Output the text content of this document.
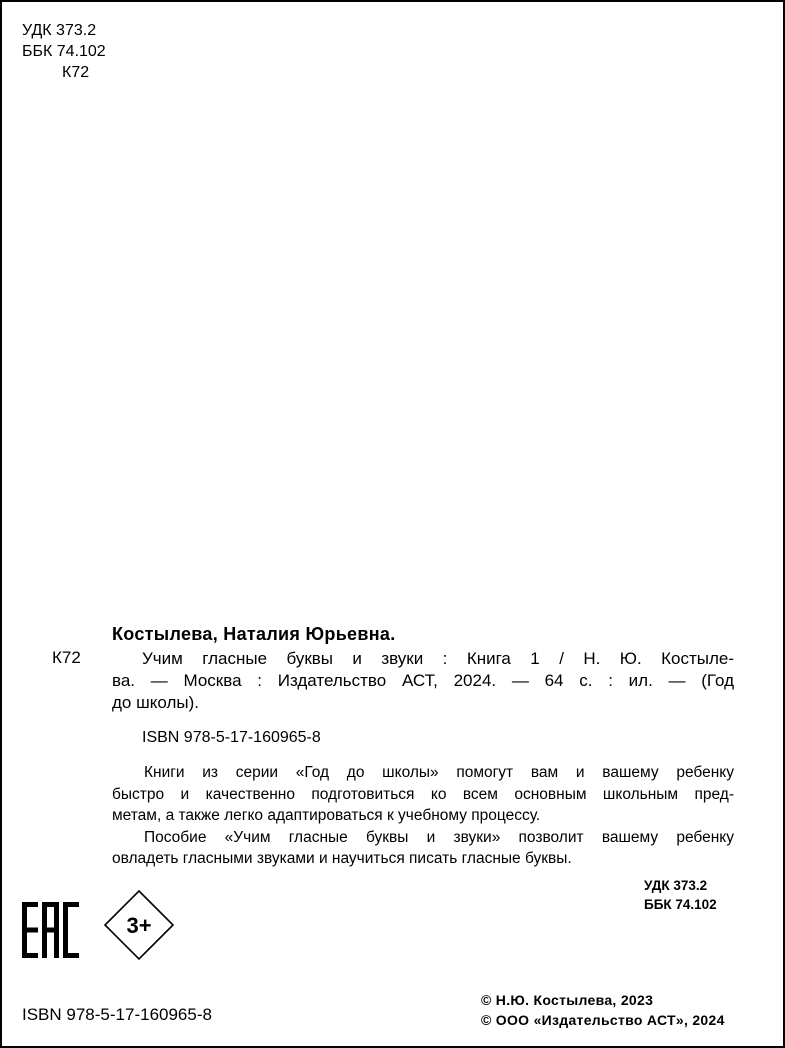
УДК 373.2
ББК 74.102
К72
Костылева, Наталия Юрьевна.
К72	Учим гласные буквы и звуки : Книга 1 / Н. Ю. Костыле-
ва. — Москва : Издательство АСТ, 2024. — 64 с. : ил. — (Год
до школы).
ISBN 978-5-17-160965-8
Книги из серии «Год до школы» помогут вам и вашему ребенку
быстро и качественно подготовиться ко всем основным школьным пред-
метам, а также легко адаптироваться к учебному процессу.
Пособие «Учим гласные буквы и звуки» позволит вашему ребенку
овладеть гласными звуками и научиться писать гласные буквы.
УДК 373.2
ББК 74.102
3+
ISBN 978-5-17-160965-8
© Н.Ю. Костылева, 2023
© ООО «Издательство АСТ», 2024
